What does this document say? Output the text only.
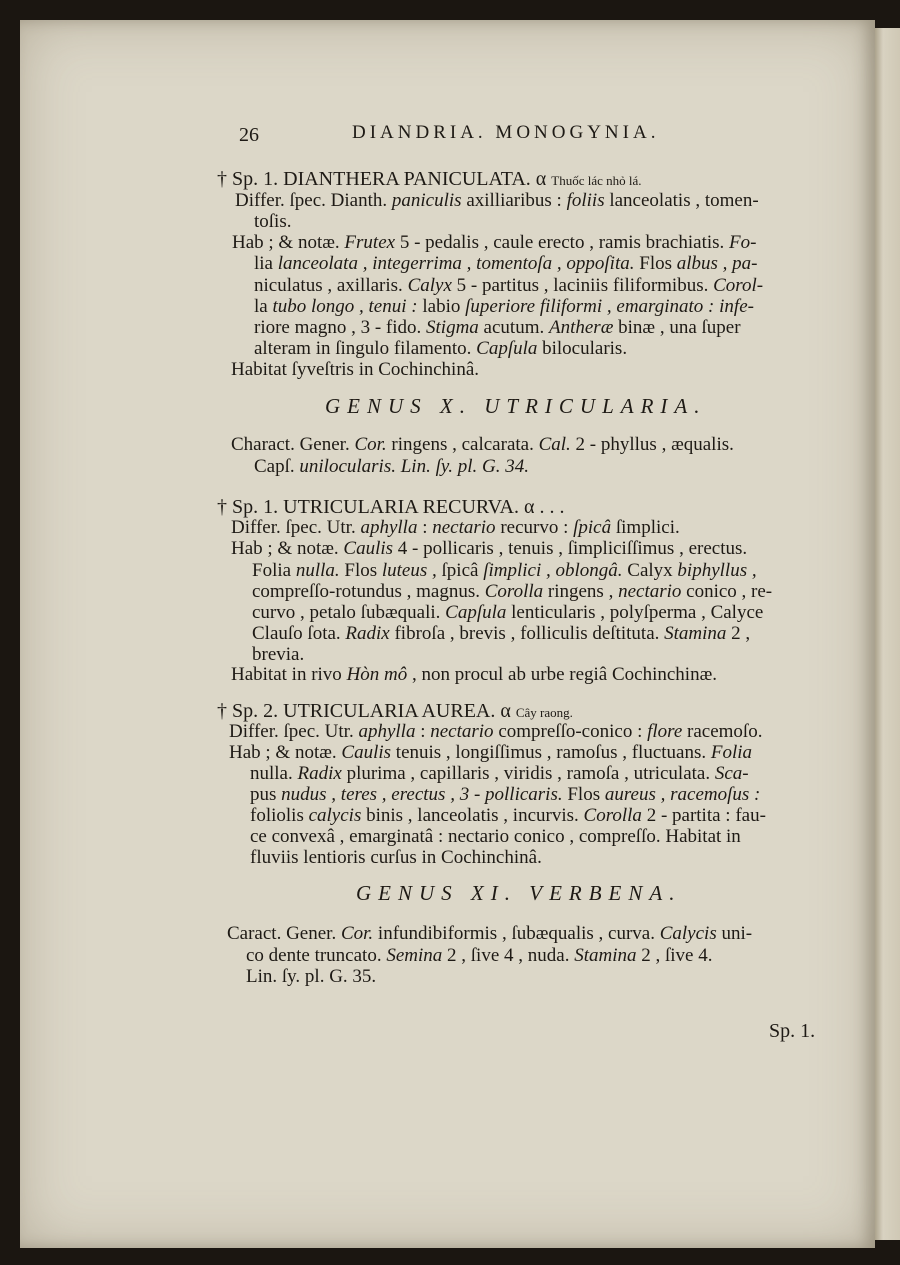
26	DIANDRIA. MONOGYNIA.
† Sp. 1. DIANTHERA PANICULATA. α Thuốc lác nhỏ lá.
Differ. ſpec. Dianth. paniculis axilliaribus : foliis lanceolatis , tomen-
toſis.
Hab ; & notæ. Frutex 5 - pedalis , caule erecto , ramis brachiatis. Fo-
lia lanceolata , integerrima , tomentoſa , oppoſita. Flos albus , pa-
niculatus , axillaris. Calyx 5 - partitus , laciniis filiformibus. Corol-
la tubo longo , tenui : labio ſuperiore filiformi , emarginato : infe-
riore magno , 3 - fido. Stigma acutum. Antheræ binæ , una ſuper
alteram in ſingulo filamento. Capſula bilocularis.
Habitat ſyveſtris in Cochinchinâ.
GENUS X. UTRICULARIA.
Charact. Gener. Cor. ringens , calcarata. Cal. 2 - phyllus , æqualis.
Capſ. unilocularis. Lin. ſy. pl. G. 34.
† Sp. 1. UTRICULARIA RECURVA. α . . .
Differ. ſpec. Utr. aphylla : nectario recurvo : ſpicâ ſimplici.
Hab ; & notæ. Caulis 4 - pollicaris , tenuis , ſimpliciſſimus , erectus.
Folia nulla. Flos luteus , ſpicâ ſimplici , oblongâ. Calyx biphyllus ,
compreſſo-rotundus , magnus. Corolla ringens , nectario conico , re-
curvo , petalo ſubæquali. Capſula lenticularis , polyſperma , Calyce
Clauſo ſota. Radix fibroſa , brevis , folliculis deſtituta. Stamina 2 ,
brevia.
Habitat in rivo Hòn mô , non procul ab urbe regiâ Cochinchinæ.
† Sp. 2. UTRICULARIA AUREA. α Cây raong.
Differ. ſpec. Utr. aphylla : nectario compreſſo-conico : flore racemoſo.
Hab ; & notæ. Caulis tenuis , longiſſimus , ramoſus , fluctuans. Folia
nulla. Radix plurima , capillaris , viridis , ramoſa , utriculata. Sca-
pus nudus , teres , erectus , 3 - pollicaris. Flos aureus , racemoſus :
foliolis calycis binis , lanceolatis , incurvis. Corolla 2 - partita : fau-
ce convexâ , emarginatâ : nectario conico , compreſſo. Habitat in
fluviis lentioris curſus in Cochinchinâ.
GENUS XI. VERBENA.
Caract. Gener. Cor. infundibiformis , ſubæqualis , curva. Calycis uni-
co dente truncato. Semina 2 , ſive 4 , nuda. Stamina 2 , ſive 4.
Lin. ſy. pl. G. 35.
Sp. 1.
